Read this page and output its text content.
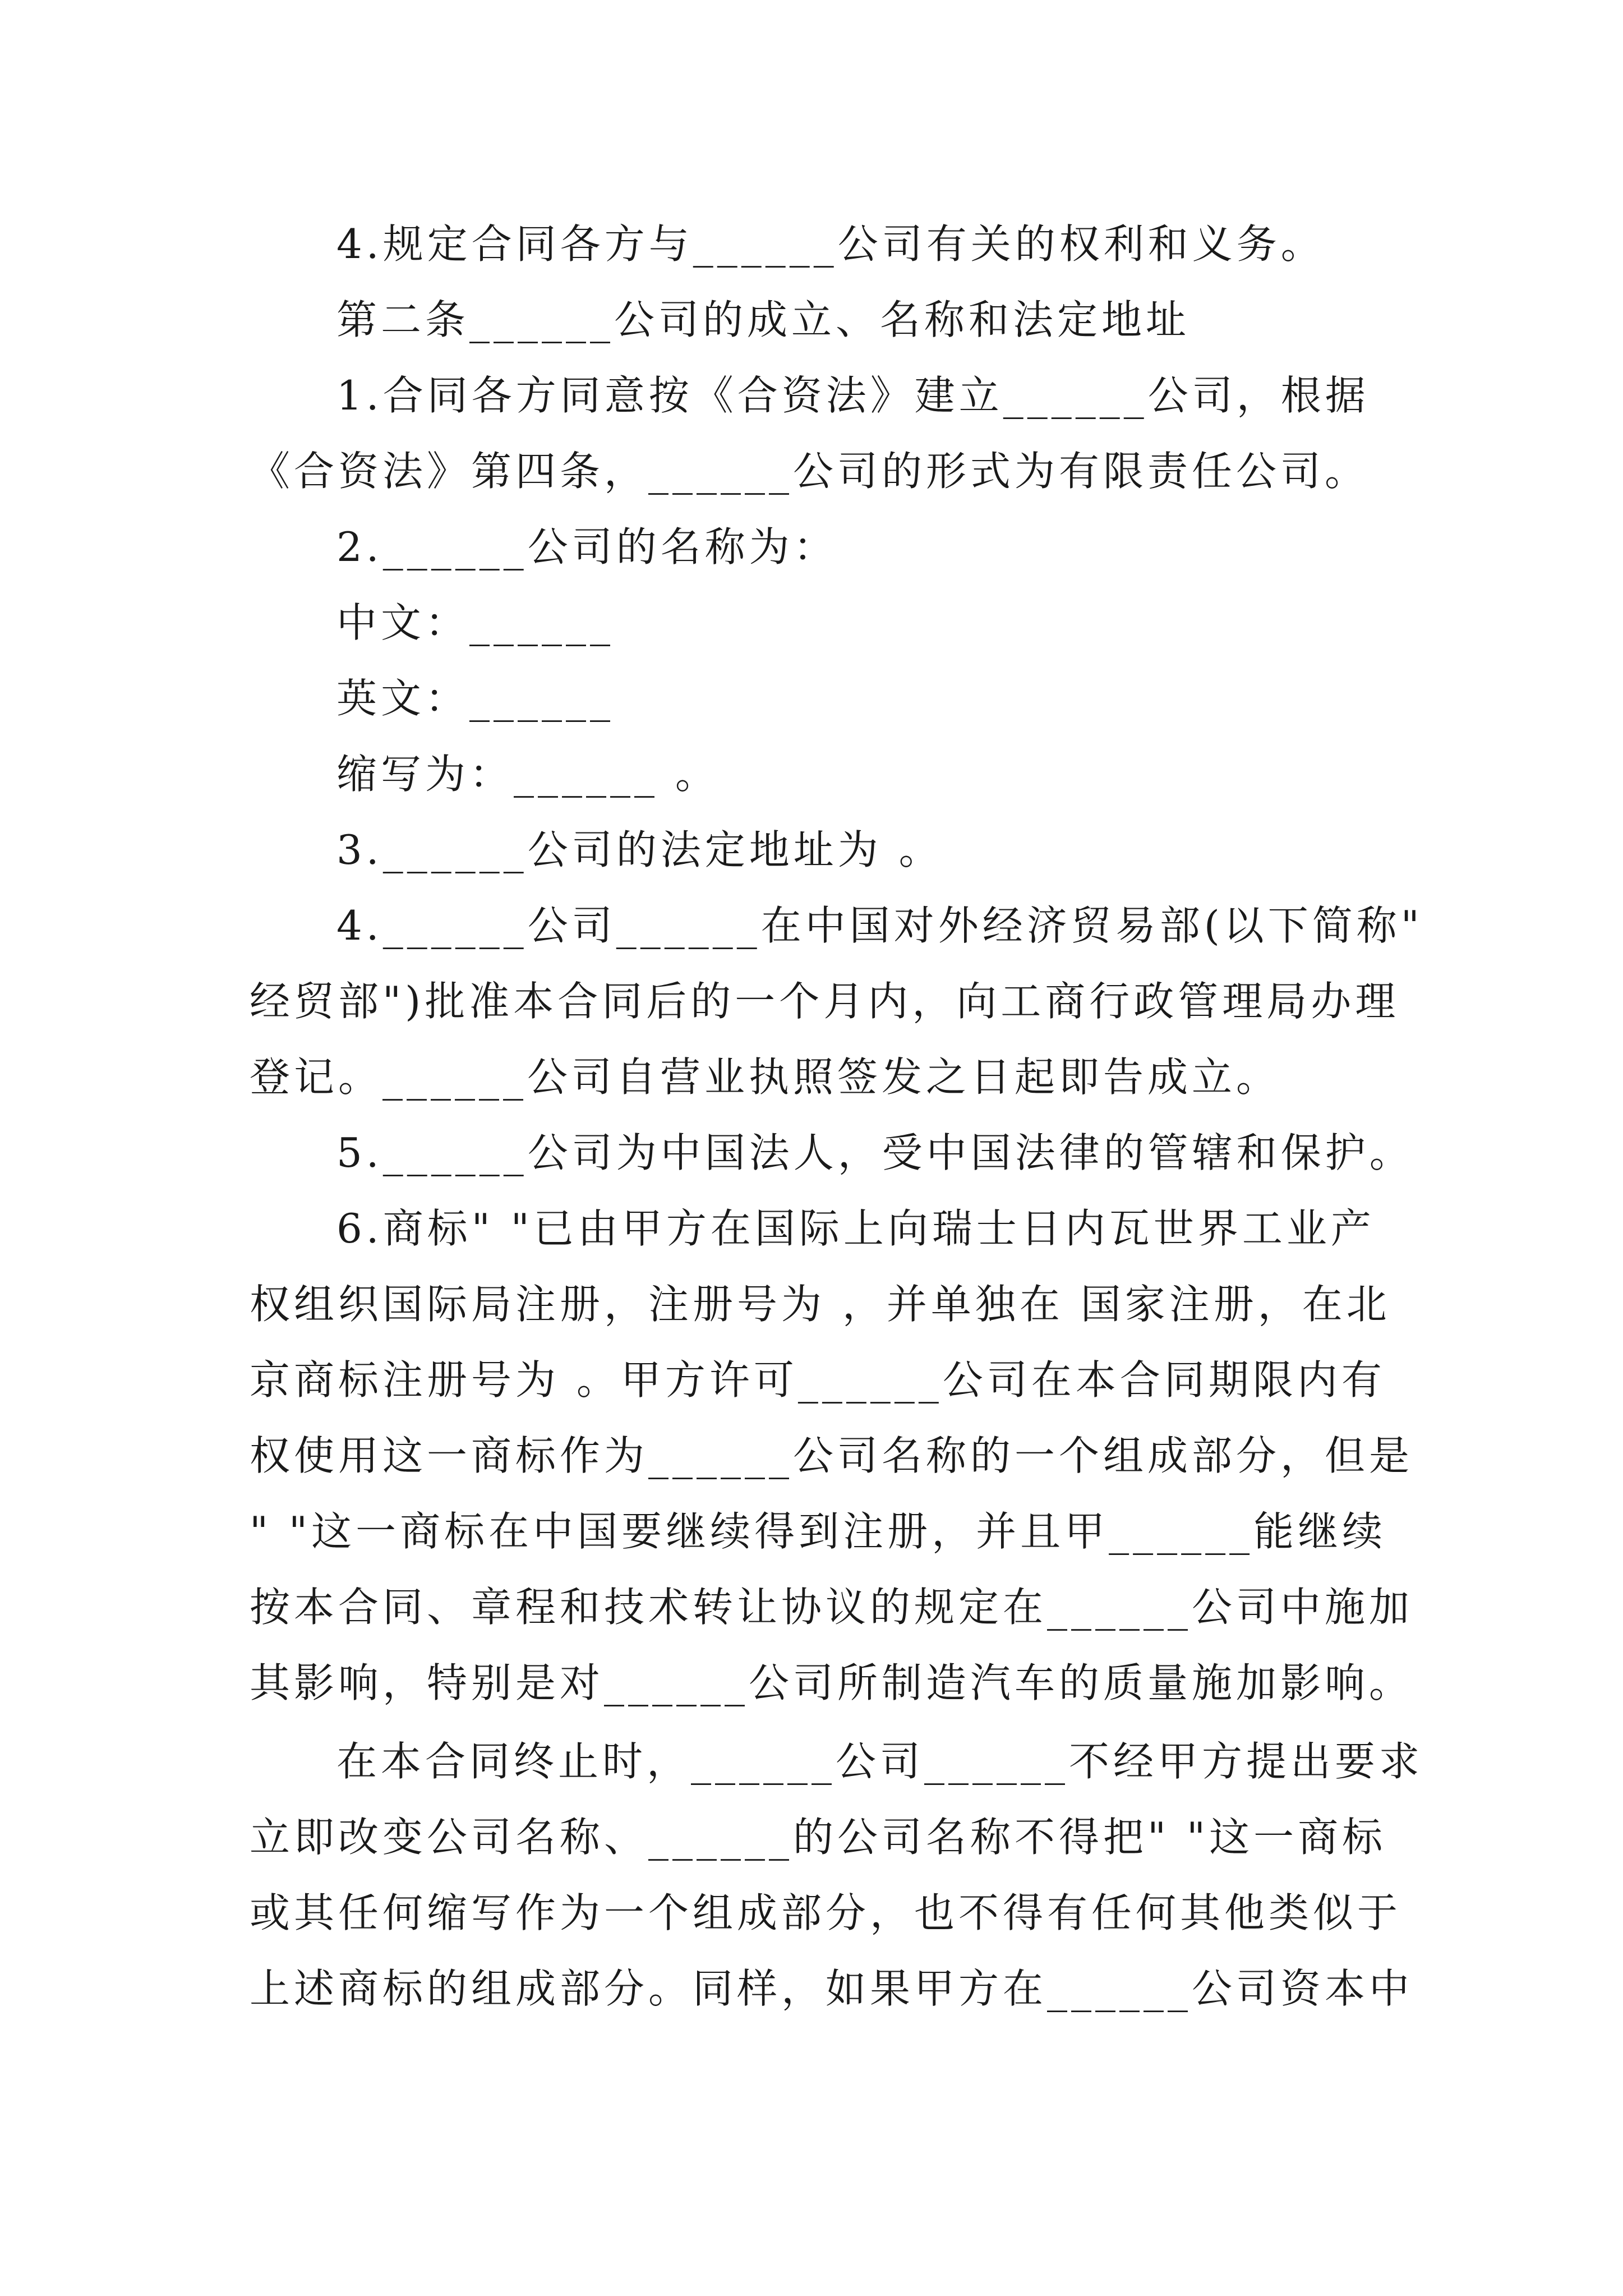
4.规定合同各方与______公司有关的权利和义务。
第二条______公司的成立、名称和法定地址
1.合同各方同意按《合资法》建立______公司，根据
《合资法》第四条，______公司的形式为有限责任公司。
2.______公司的名称为：
中文：______
英文：______
缩写为：______ 。
3.______公司的法定地址为 。
4.______公司______在中国对外经济贸易部(以下简称"
经贸部")批准本合同后的一个月内，向工商行政管理局办理
登记。______公司自营业执照签发之日起即告成立。
5.______公司为中国法人，受中国法律的管辖和保护。
6.商标" "已由甲方在国际上向瑞士日内瓦世界工业产
权组织国际局注册，注册号为 ，并单独在 国家注册，在北
京商标注册号为 。甲方许可______公司在本合同期限内有
权使用这一商标作为______公司名称的一个组成部分，但是
" "这一商标在中国要继续得到注册，并且甲______能继续
按本合同、章程和技术转让协议的规定在______公司中施加
其影响，特别是对______公司所制造汽车的质量施加影响。
在本合同终止时，______公司______不经甲方提出要求
立即改变公司名称、______的公司名称不得把" "这一商标
或其任何缩写作为一个组成部分，也不得有任何其他类似于
上述商标的组成部分。同样，如果甲方在______公司资本中
